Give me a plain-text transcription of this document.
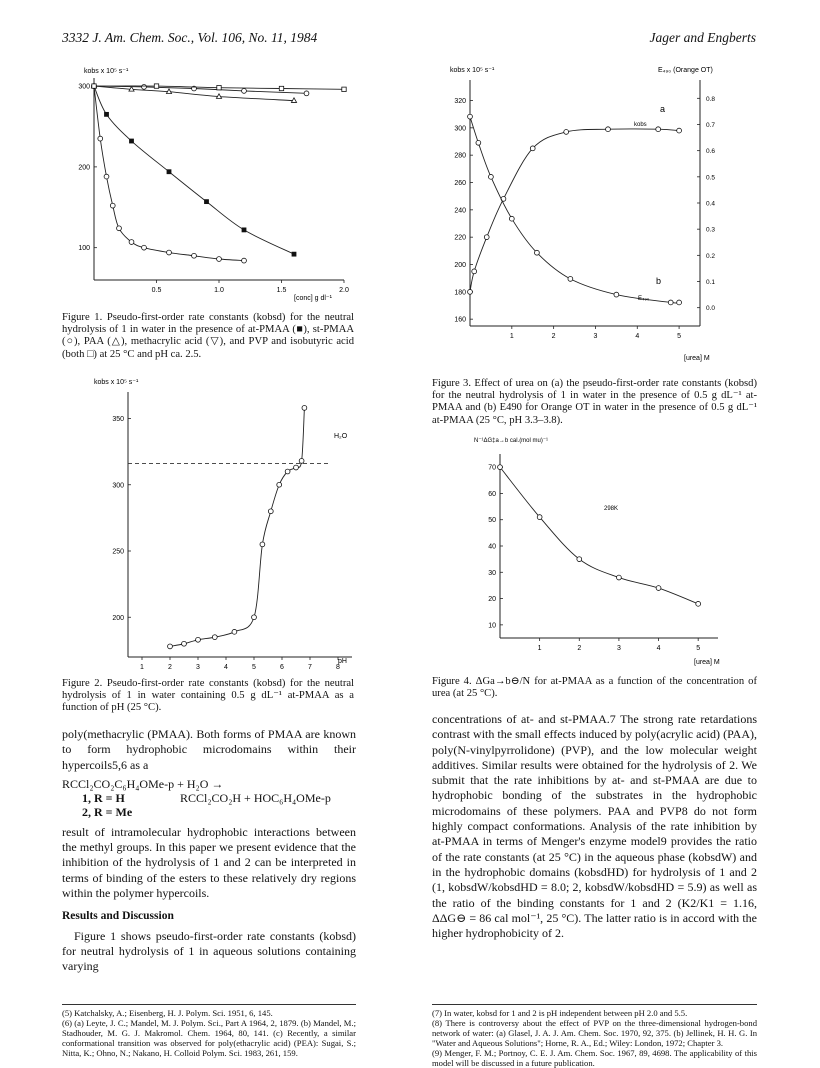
3332 J. Am. Chem. Soc., Vol. 106, No. 11, 1984	Jager and Engberts
kobs x 10⁵ s⁻¹
0.5	1.0	1.5	2.0
100
200
300
[conc] g dl⁻¹
Figure 1. Pseudo-first-order rate constants (kobsd) for the neutral hydrolysis of 1 in water in the presence of at-PMAA (■), st-PMAA (○), PAA (△), methacrylic acid (▽), and PVP and isobutyric acid (both □) at 25 °C and pH ca. 2.5.
kobs x 10⁵ s⁻¹
1	2	3	4	5	6	7	8
200
250
300
350
pH
H₂O
Figure 2. Pseudo-first-order rate constants (kobsd) for the neutral hydrolysis of 1 in water containing 0.5 g dL⁻¹ at-PMAA as a function of pH (25 °C).

poly(methacrylic (PMAA). Both forms of PMAA are known to form hydrophobic microdomains within their hypercoils5,6 as a

RCCl₂CO₂C₆H₄OMe-p + H₂O →
1, R = H	RCCl₂CO₂H + HOC₆H₄OMe-p
2, R = Me

result of intramolecular hydrophobic interactions between the methyl groups. In this paper we present evidence that the inhibition of the hydrolysis of 1 and 2 can be interpreted in terms of binding of the esters to these relatively dry regions within the polymer hypercoils.

Results and Discussion

Figure 1 shows pseudo-first-order rate constants (kobsd) for neutral hydrolysis of 1 in aqueous solutions containing varying

kobs x 10⁵ s⁻¹	E₄₉₀ (Orange OT)
1	2	3	4	5
160
180
200
220
240
260
280
300
320
0.0
0.1
0.2
0.3
0.4
0.5
0.6
0.7
0.8
a
kobs
b
E₄₉₀
[urea] M
Figure 3. Effect of urea on (a) the pseudo-first-order rate constants (kobsd) for the neutral hydrolysis of 1 in water in the presence of 0.5 g dL⁻¹ at-PMAA and (b) E490 for Orange OT in water in the presence of 0.5 g dL⁻¹ at-PMAA (25 °C, pH 3.3–3.8).
N⁻¹ΔG‡a→b cal.(mol mu)⁻¹
1	2	3	4	5
10
20
30
40
50
60
70
298K
[urea] M
Figure 4. ΔGa→b⊖/N for at-PMAA as a function of the concentration of urea (at 25 °C).

concentrations of at- and st-PMAA.7 The strong rate retardations contrast with the small effects induced by poly(acrylic acid) (PAA), poly(N-vinylpyrrolidone) (PVP), and the low molecular weight additives. Similar results were obtained for the hydrolysis of 2. We submit that the rate inhibitions by at- and st-PMAA are due to hydrophobic bonding of the substrates in the hydrophobic microdomains of these polymers. PAA and PVP8 do not form highly compact conformations. Analysis of the rate inhibition by at-PMAA in terms of Menger's enzyme model9 provides the ratio of the rate constants (at 25 °C) in the aqueous phase (kobsdW) and in the hydrophobic domains (kobsdHD) for hydrolysis of 1 and 2 (1, kobsdW/kobsdHD = 8.0; 2, kobsdW/kobsdHD = 5.9) as well as the ratio of the binding constants for 1 and 2 (K2/K1 = 1.16, ΔΔG⊖ = 86 cal mol⁻¹, 25 °C). The latter ratio is in accord with the higher hydrophobicity of 2.

(5) Katchalsky, A.; Eisenberg, H. J. Polym. Sci. 1951, 6, 145.

(6) (a) Leyte, J. C.; Mandel, M. J. Polym. Sci., Part A 1964, 2, 1879. (b) Mandel, M.; Stadhouder, M. G. J. Makromol. Chem. 1964, 80, 141. (c) Recently, a similar conformational transition was observed for poly(ethacrylic acid) (PEA): Sugai, S.; Nitta, K.; Ohno, N.; Nakano, H. Colloid Polym. Sci. 1983, 261, 159.

(7) In water, kobsd for 1 and 2 is pH independent between pH 2.0 and 5.5.

(8) There is controversy about the effect of PVP on the three-dimensional hydrogen-bond network of water: (a) Glasel, J. A. J. Am. Chem. Soc. 1970, 92, 375. (b) Jellinek, H. H. G. In "Water and Aqueous Solutions"; Horne, R. A., Ed.; Wiley: London, 1972; Chapter 3.

(9) Menger, F. M.; Portnoy, C. E. J. Am. Chem. Soc. 1967, 89, 4698. The applicability of this model will be discussed in a future publication.
